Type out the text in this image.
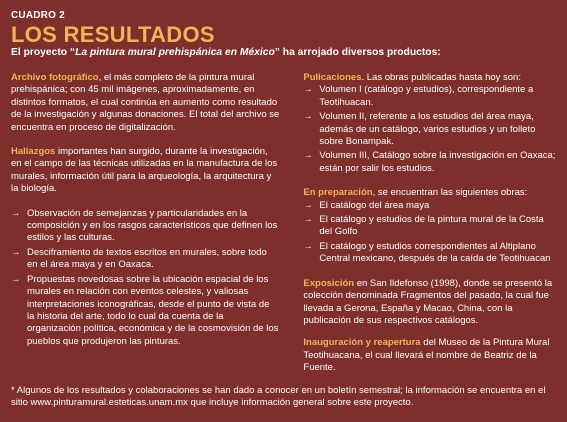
CUADRO 2
LOS RESULTADOS
El proyecto “La pintura mural prehispánica en México” ha arrojado diversos productos:

Archivo fotográfico, el más completo de la pintura mural prehispánica; con 45 mil imágenes, aproximadamente, en distintos formatos, el cual continúa en aumento como resultado de la investigación y algunas donaciones. El total del archivo se encuentra en proceso de digitalización.

Hallazgos importantes han surgido, durante la investigación, en el campo de las técnicas utilizadas en la manufactura de los murales, información útil para la arqueología, la arquitectura y la biología.

→ Observación de semejanzas y particularidades en la composición y en los rasgos característicos que definen los estilos y las culturas.
→ Desciframiento de textos escritos en murales, sobre todo en el área maya y en Oaxaca.
→ Propuestas novedosas sobre la ubicación espacial de los murales en relación con eventos celestes, y valiosas interpretaciones iconográficas, desde el punto de vista de la historia del arte, todo lo cual da cuenta de la organización política, económica y de la cosmovisión de los pueblos que produjeron las pinturas.

Pulicaciones. Las obras publicadas hasta hoy son:

→ Volumen I (catálogo y estudios), correspondiente a Teotihuacan.
→ Volumen II, referente a los estudios del área maya, además de un catálogo, varios estudios y un folleto sobre Bonampak.
→ Volumen III, Catálogo sobre la investigación en Oaxaca; están por salir los estudios.

En preparación, se encuentran las siguientes obras:

→ El catálogo del área maya
→ El catálogo y estudios de la pintura mural de la Costa del Golfo
→ El catálogo y estudios correspondientes al Altiplano Central mexicano, después de la caída de Teotihuacan

Exposición en San Ildefonso (1998), donde se presentó la colección denominada Fragmentos del pasado, la cual fue llevada a Gerona, España y Macao, China, con la publicación de sus respectivos catálogos.

Inauguración y reapertura del Museo de la Pintura Mural Teotihuacana, el cual llevará el nombre de Beatriz de la Fuente.

* Algunos de los resultados y colaboraciones se han dado a conocer en un boletín semestral; la información se encuentra en el sitio www.pinturamural.esteticas.unam.mx que incluye información general sobre este proyecto.
